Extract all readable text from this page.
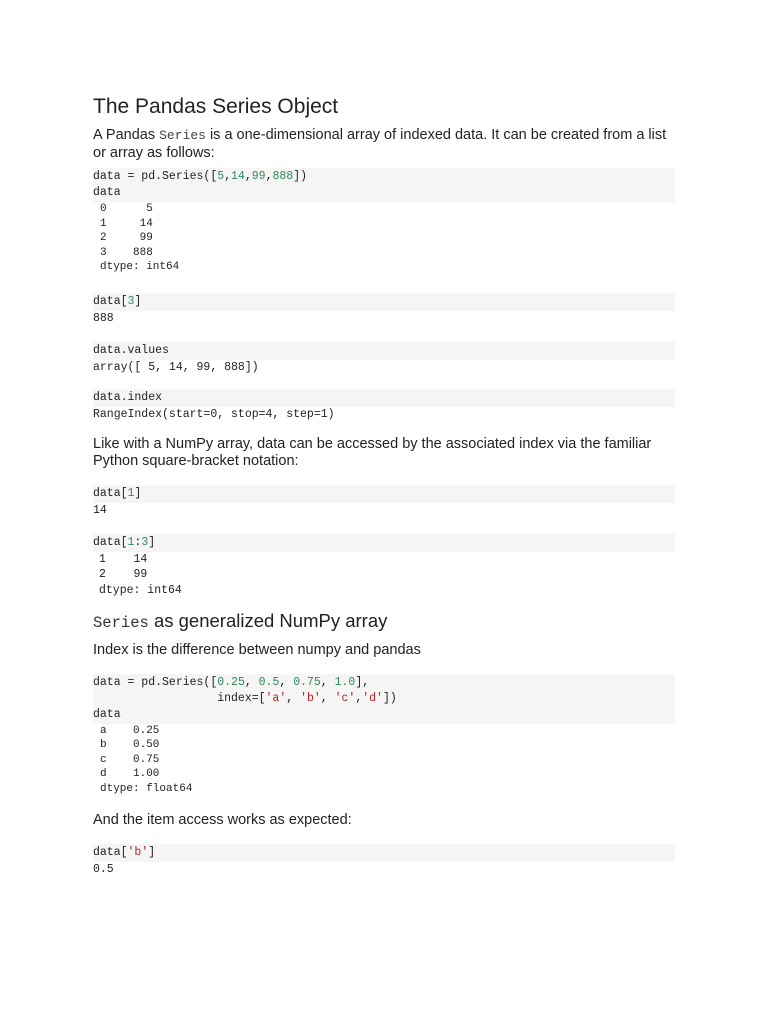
The Pandas Series Object

A Pandas Series is a one-dimensional array of indexed data. It can be created from a list or array as follows:

data = pd.Series([5,14,99,888])
data
0      5
1     14
2     99
3    888
dtype: int64
data[3]
888
data.values
array([ 5, 14, 99, 888])
data.index
RangeIndex(start=0, stop=4, step=1)

Like with a NumPy array, data can be accessed by the associated index via the familiar Python square-bracket notation:

data[1]
14
data[1:3]
1    14
2    99
dtype: int64
Series as generalized NumPy array

Index is the difference between numpy and pandas

data = pd.Series([0.25, 0.5, 0.75, 1.0],
index=['a', 'b', 'c','d'])
data
a    0.25
b    0.50
c    0.75
d    1.00
dtype: float64

And the item access works as expected:

data['b']
0.5
